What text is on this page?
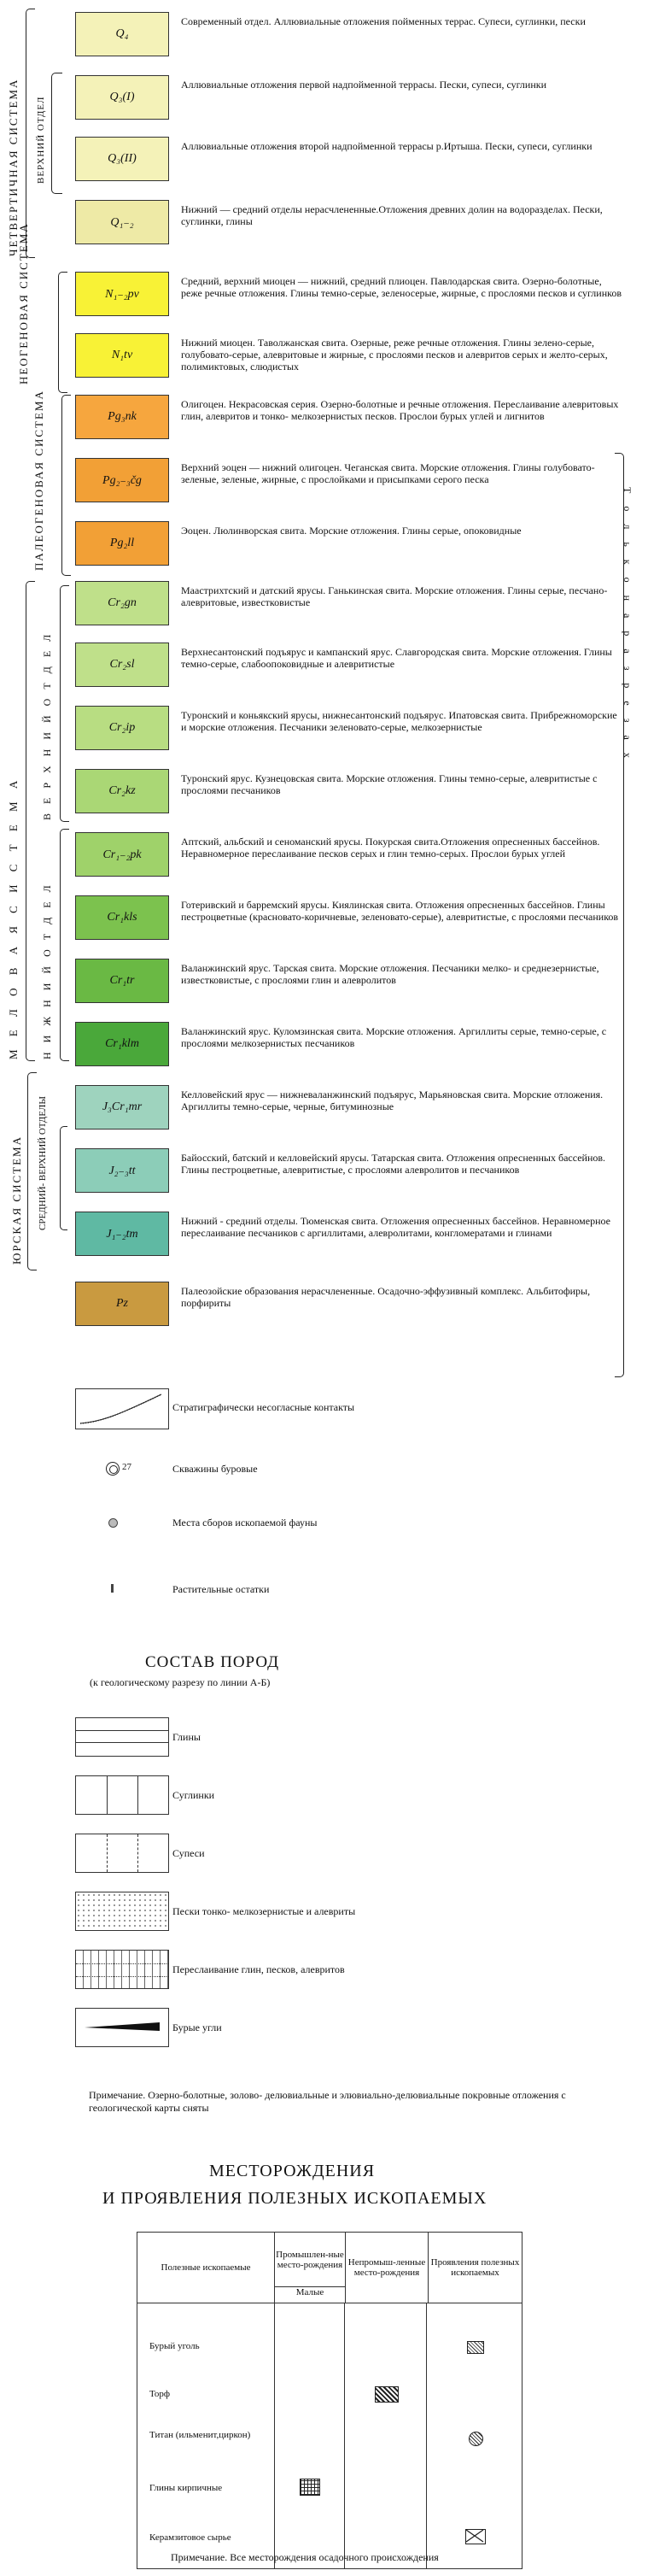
ЧЕТВЕРТИЧНАЯ СИСТЕМА ВЕРХНИЙ ОТДЕЛ
НЕОГЕНОВАЯ СИСТЕМА
ПАЛЕОГЕНОВАЯ СИСТЕМА
М Е Л О В А Я С И С Т Е М А
В Е Р Х Н И Й О Т Д Е Л
Н И Ж Н И Й О Т Д Е Л
ЮРСКАЯ СИСТЕМА СРЕДНИЙ- ВЕРХНИЙ ОТДЕЛЫ
Т о л ь к о н а р а з р е з а х
Q₄
Современный отдел. Аллювиальные отложения пойменных террас. Супеси, суглинки, пески
Q₃(I)
Аллювиальные отложения первой надпойменной террасы. Пески, супеси, суглинки
Q₃(II)
Аллювиальные отложения второй надпойменной террасы р.Иртыша. Пески, супеси, суглинки
Q₁₋₂
Нижний — средний отделы нерасчлененные.Отложения древних долин на водоразделах. Пески, суглинки, глины
N₁₋₂pv
Средний, верхний миоцен — нижний, средний плиоцен. Павлодарская свита. Озерно-болотные, реже речные отложения. Глины темно-серые, зеленосерые, жирные, с прослоями песков и суглинков
N₁tv
Нижний миоцен. Таволжанская свита. Озерные, реже речные отложения. Глины зелено-серые, голубовато-серые, алевритовые и жирные, с прослоями песков и алевритов серых и желто-серых, полимиктовых, слюдистых
Pg₃nk
Олигоцен. Некрасовская серия. Озерно-болотные и речные отложения. Переслаивание алевритовых глин, алевритов и тонко- мелкозернистых песков. Прослои бурых углей и лигнитов
Pg₂₋₃čg
Верхний эоцен — нижний олигоцен. Чеганская свита. Морские отложения. Глины голубовато-зеленые, зеленые, жирные, с прослойками и присыпками серого песка
Pg₂ll
Эоцен. Люлинворская свита. Морские отложения. Глины серые, опоковидные
Cr₂gn
Маастрихтский и датский ярусы. Ганькинская свита. Морские отложения. Глины серые, песчано-алевритовые, известковистые
Cr₂sl
Верхнесантонский подъярус и кампанский ярус. Славгородская свита. Морские отложения. Глины темно-серые, слабоопоковидные и алевритистые
Cr₂ip
Туронский и коньякский ярусы, нижнесантонский подъярус. Ипатовская свита. Прибрежноморские и морские отложения. Песчаники зеленовато-серые, мелкозернистые
Cr₂kz
Туронский ярус. Кузнецовская свита. Морские отложения. Глины темно-серые, алевритистые с прослоями песчаников
Cr₁₋₂pk
Аптский, альбский и сеноманский ярусы. Покурская свита.Отложения опресненных бассейнов. Неравномерное переслаивание песков серых и глин темно-серых. Прослои бурых углей
Cr₁kls
Готеривский и барремский ярусы. Киялинская свита. Отложения опресненных бассейнов. Глины пестроцветные (красновато-коричневые, зеленовато-серые), алевритистые, с прослоями песчаников
Cr₁tr
Валанжинский ярус. Тарская свита. Морские отложения. Песчаники мелко- и среднезернистые, известковистые, с прослоями глин и алевролитов
Cr₁klm
Валанжинский ярус. Куломзинская свита. Морские отложения. Аргиллиты серые, темно-серые, с прослоями мелкозернистых песчаников
J₃Cr₁mr
Келловейский ярус — нижневаланжинский подъярус, Марьяновская свита. Морские отложения. Аргиллиты темно-серые, черные, битуминозные
J₂₋₃tt
Байосский, батский и келловейский ярусы. Татарская свита. Отложения опресненных бассейнов. Глины пестроцветные, алевритистые, с прослоями алевролитов и песчаников
J₁₋₂tm
Нижний - средний отделы. Тюменская свита. Отложения опресненных бассейнов. Неравномерное переслаивание песчаников с аргиллитами, алевролитами, конгломератами и глинами
Pz
Палеозойские образования нерасчлененные. Осадочно-эффузивный комплекс. Альбитофиры, порфириты
Стратиграфически несогласные контакты
27	Скважины буровые
Места сборов ископаемой фауны
Растительные остатки
СОСТАВ ПОРОД
(к геологическому разрезу по линии А-Б)
Глины
Суглинки
Супеси
Пески тонко- мелкозернистые и алевриты
Переслаивание глин, песков, алевритов
Бурые угли
Примечание. Озерно-болотные, золово- делювиальные и элювиально-делювиальные покровные отложения с геологической карты сняты
МЕСТОРОЖДЕНИЯ
И ПРОЯВЛЕНИЯ ПОЛЕЗНЫХ ИСКОПАЕМЫХ
Полезные ископаемые
Промышлен-ные место-рождения
Малые
Непромыш-ленные место-рождения
Проявления полезных ископаемых
Бурый уголь
Торф
Титан (ильменит,циркон)
Глины кирпичные
Керамзитовое сырье
Примечание. Все месторождения осадочного происхождения
